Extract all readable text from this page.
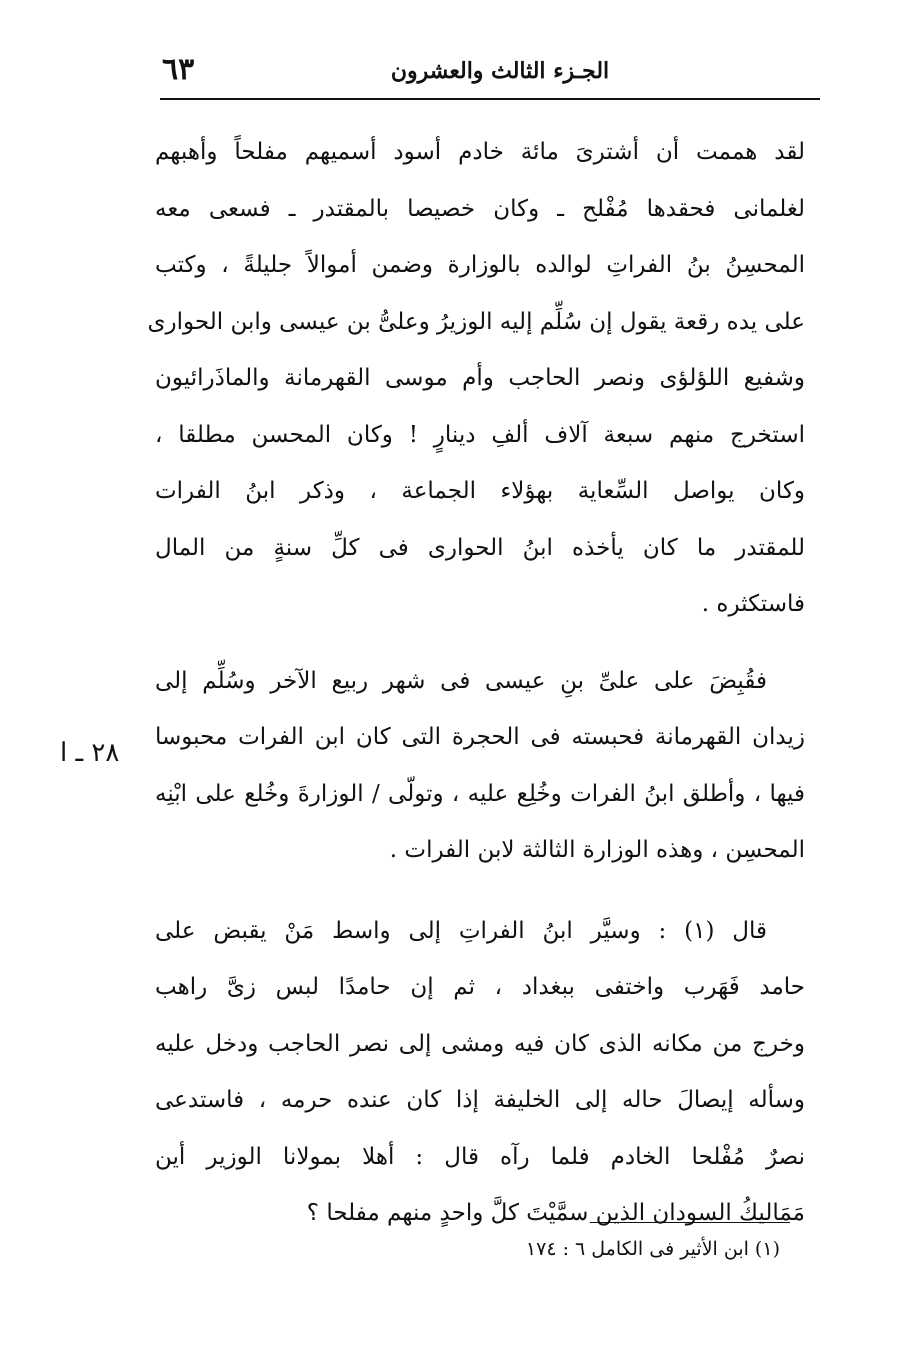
٦٣	الجـزء الثالث والعشرون
٢٨ ـ ا

لقد هممت أن أشترىَ مائة خادم أسود أسميهم مفلحاً وأهبهم
لغلمانى فحقدها مُفْلح ـ وكان خصيصا بالمقتدر ـ فسعى معه
المحسِنُ بنُ الفراتِ لوالده بالوزارة وضمن أموالاً جليلةً ، وكتب
على يده رقعة يقول إن سُلِّم إليه الوزيرُ وعلىُّ بن عيسى وابن الحوارى
وشفيع اللؤلؤى ونصر الحاجب وأم موسى القهرمانة والماذَرائيون
استخرج منهم سبعة آلاف ألفِ دينارٍ ! وكان المحسن مطلقا ،
وكان يواصل السِّعاية بهؤلاء الجماعة ، وذكر ابنُ الفرات
للمقتدر ما كان يأخذه ابنُ الحوارى فى كلِّ سنةٍ من المال
فاستكثره .

فقُبِضَ على علىِّ بنِ عيسى فى شهر ربيع الآخر وسُلِّم إلى
زيدان القهرمانة فحبسته فى الحجرة التى كان ابن الفرات محبوسا
فيها ، وأطلق ابنُ الفرات وخُلِع عليه ، وتولّى / الوزارةَ وخُلع على ابْنِه
المحسِن ، وهذه الوزارة الثالثة لابن الفرات .

قال (١) : وسيَّر ابنُ الفراتِ إلى واسط مَنْ يقبض على
حامد فَهَرب واختفى ببغداد ، ثم إن حامدًا لبس زىَّ راهب
وخرج من مكانه الذى كان فيه ومشى إلى نصر الحاجب ودخل عليه
وسأله إيصالَ حاله إلى الخليفة إذا كان عنده حرمه ، فاستدعى
نصرٌ مُفْلحا الخادم فلما رآه قال : أهلا بمولانا الوزير أين
مَمَاليكُ السودان الذين سمَّيْتَ كلَّ واحدٍ منهم مفلحا ؟

(١) ابن الأثير فى الكامل ٦ : ١٧٤
